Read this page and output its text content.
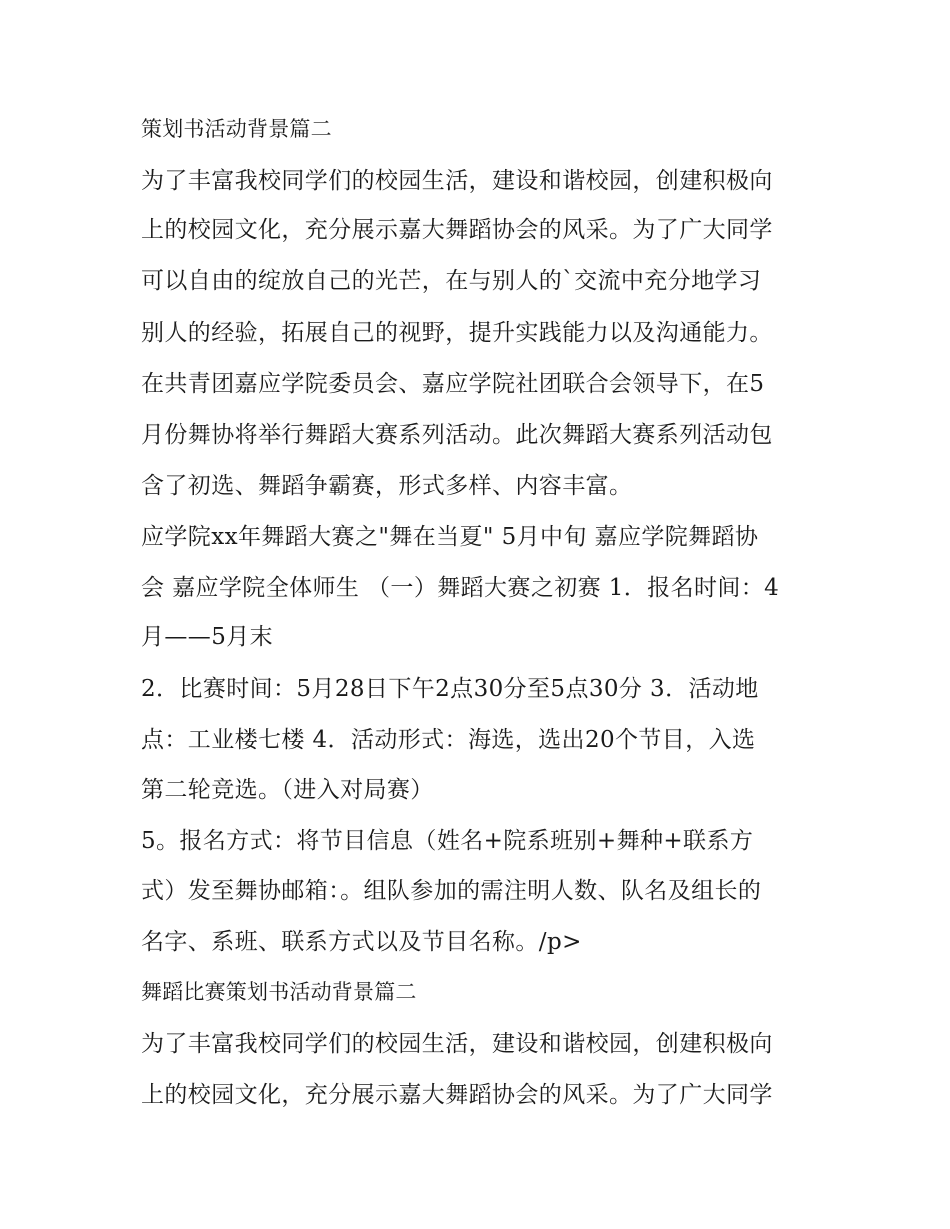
策划书活动背景篇二
为了丰富我校同学们的校园生活，建设和谐校园，创建积极向
上的校园文化，充分展示嘉大舞蹈协会的风采。为了广大同学
可以自由的绽放自己的光芒，在与别人的`交流中充分地学习
别人的经验，拓展自己的视野，提升实践能力以及沟通能力。
在共青团嘉应学院委员会、嘉应学院社团联合会领导下，在5
月份舞协将举行舞蹈大赛系列活动。此次舞蹈大赛系列活动包
含了初选、舞蹈争霸赛，形式多样、内容丰富。
应学院xx年舞蹈大赛之"舞在当夏" 5月中旬 嘉应学院舞蹈协
会 嘉应学院全体师生 （一）舞蹈大赛之初赛 1．报名时间：4
月——5月末
2．比赛时间：5月28日下午2点30分至5点30分 3．活动地
点：工业楼七楼 4．活动形式：海选，选出20个节目，入选
第二轮竞选。（进入对局赛）
5。报名方式：将节目信息（姓名+院系班别+舞种+联系方
式）发至舞协邮箱：。组队参加的需注明人数、队名及组长的
名字、系班、联系方式以及节目名称。/p>
舞蹈比赛策划书活动背景篇二
为了丰富我校同学们的校园生活，建设和谐校园，创建积极向
上的校园文化，充分展示嘉大舞蹈协会的风采。为了广大同学
